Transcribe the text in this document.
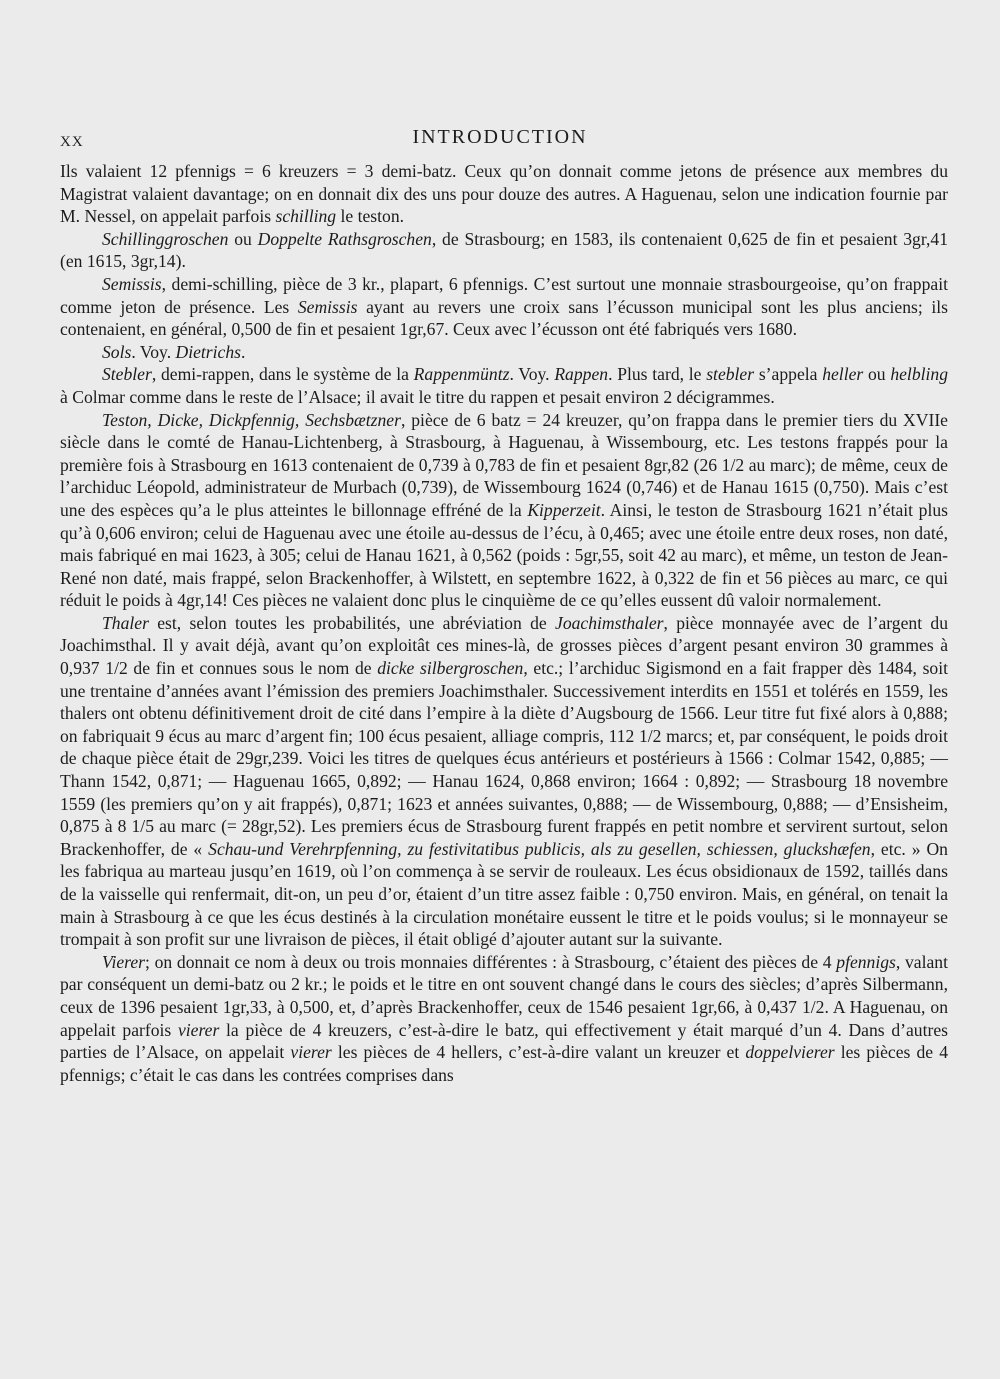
XX	INTRODUCTION

Ils valaient 12 pfennigs = 6 kreuzers = 3 demi-batz. Ceux qu’on donnait comme jetons de présence aux membres du Magistrat valaient davantage; on en donnait dix des uns pour douze des autres. A Haguenau, selon une indication fournie par M. Nessel, on appelait parfois schilling le teston.

Schillinggroschen ou Doppelte Rathsgroschen, de Strasbourg; en 1583, ils contenaient 0,625 de fin et pesaient 3gr,41 (en 1615, 3gr,14).

Semissis, demi-schilling, pièce de 3 kr., plapart, 6 pfennigs. C’est surtout une monnaie strasbourgeoise, qu’on frappait comme jeton de présence. Les Semissis ayant au revers une croix sans l’écusson municipal sont les plus anciens; ils contenaient, en général, 0,500 de fin et pesaient 1gr,67. Ceux avec l’écusson ont été fabriqués vers 1680.

Sols. Voy. Dietrichs.

Stebler, demi-rappen, dans le système de la Rappenmüntz. Voy. Rappen. Plus tard, le stebler s’appela heller ou helbling à Colmar comme dans le reste de l’Alsace; il avait le titre du rappen et pesait environ 2 décigrammes.

Teston, Dicke, Dickpfennig, Sechsbætzner, pièce de 6 batz = 24 kreuzer, qu’on frappa dans le premier tiers du XVIIe siècle dans le comté de Hanau-Lichtenberg, à Strasbourg, à Haguenau, à Wissembourg, etc. Les testons frappés pour la première fois à Strasbourg en 1613 contenaient de 0,739 à 0,783 de fin et pesaient 8gr,82 (26 1/2 au marc); de même, ceux de l’archiduc Léopold, administrateur de Murbach (0,739), de Wissembourg 1624 (0,746) et de Hanau 1615 (0,750). Mais c’est une des espèces qu’a le plus atteintes le billonnage effréné de la Kipperzeit. Ainsi, le teston de Strasbourg 1621 n’était plus qu’à 0,606 environ; celui de Haguenau avec une étoile au-dessus de l’écu, à 0,465; avec une étoile entre deux roses, non daté, mais fabriqué en mai 1623, à 305; celui de Hanau 1621, à 0,562 (poids : 5gr,55, soit 42 au marc), et même, un teston de Jean-René non daté, mais frappé, selon Brackenhoffer, à Wilstett, en septembre 1622, à 0,322 de fin et 56 pièces au marc, ce qui réduit le poids à 4gr,14! Ces pièces ne valaient donc plus le cinquième de ce qu’elles eussent dû valoir normalement.

Thaler est, selon toutes les probabilités, une abréviation de Joachimsthaler, pièce monnayée avec de l’argent du Joachimsthal. Il y avait déjà, avant qu’on exploitât ces mines-là, de grosses pièces d’argent pesant environ 30 grammes à 0,937 1/2 de fin et connues sous le nom de dicke silbergroschen, etc.; l’archiduc Sigismond en a fait frapper dès 1484, soit une trentaine d’années avant l’émission des premiers Joachimsthaler. Successivement interdits en 1551 et tolérés en 1559, les thalers ont obtenu définitivement droit de cité dans l’empire à la diète d’Augsbourg de 1566. Leur titre fut fixé alors à 0,888; on fabriquait 9 écus au marc d’argent fin; 100 écus pesaient, alliage compris, 112 1/2 marcs; et, par conséquent, le poids droit de chaque pièce était de 29gr,239. Voici les titres de quelques écus antérieurs et postérieurs à 1566 : Colmar 1542, 0,885; — Thann 1542, 0,871; — Haguenau 1665, 0,892; — Hanau 1624, 0,868 environ; 1664 : 0,892; — Strasbourg 18 novembre 1559 (les premiers qu’on y ait frappés), 0,871; 1623 et années suivantes, 0,888; — de Wissembourg, 0,888; — d’Ensisheim, 0,875 à 8 1/5 au marc (= 28gr,52). Les premiers écus de Strasbourg furent frappés en petit nombre et servirent surtout, selon Brackenhoffer, de « Schau-und Verehrpfenning, zu festivitatibus publicis, als zu gesellen, schiessen, gluckshæfen, etc. » On les fabriqua au marteau jusqu’en 1619, où l’on commença à se servir de rouleaux. Les écus obsidionaux de 1592, taillés dans de la vaisselle qui renfermait, dit-on, un peu d’or, étaient d’un titre assez faible : 0,750 environ. Mais, en général, on tenait la main à Strasbourg à ce que les écus destinés à la circulation monétaire eussent le titre et le poids voulus; si le monnayeur se trompait à son profit sur une livraison de pièces, il était obligé d’ajouter autant sur la suivante.

Vierer; on donnait ce nom à deux ou trois monnaies différentes : à Strasbourg, c’étaient des pièces de 4 pfennigs, valant par conséquent un demi-batz ou 2 kr.; le poids et le titre en ont souvent changé dans le cours des siècles; d’après Silbermann, ceux de 1396 pesaient 1gr,33, à 0,500, et, d’après Brackenhoffer, ceux de 1546 pesaient 1gr,66, à 0,437 1/2. A Haguenau, on appelait parfois vierer la pièce de 4 kreuzers, c’est-à-dire le batz, qui effectivement y était marqué d’un 4. Dans d’autres parties de l’Alsace, on appelait vierer les pièces de 4 hellers, c’est-à-dire valant un kreuzer et doppelvierer les pièces de 4 pfennigs; c’était le cas dans les contrées comprises dans
